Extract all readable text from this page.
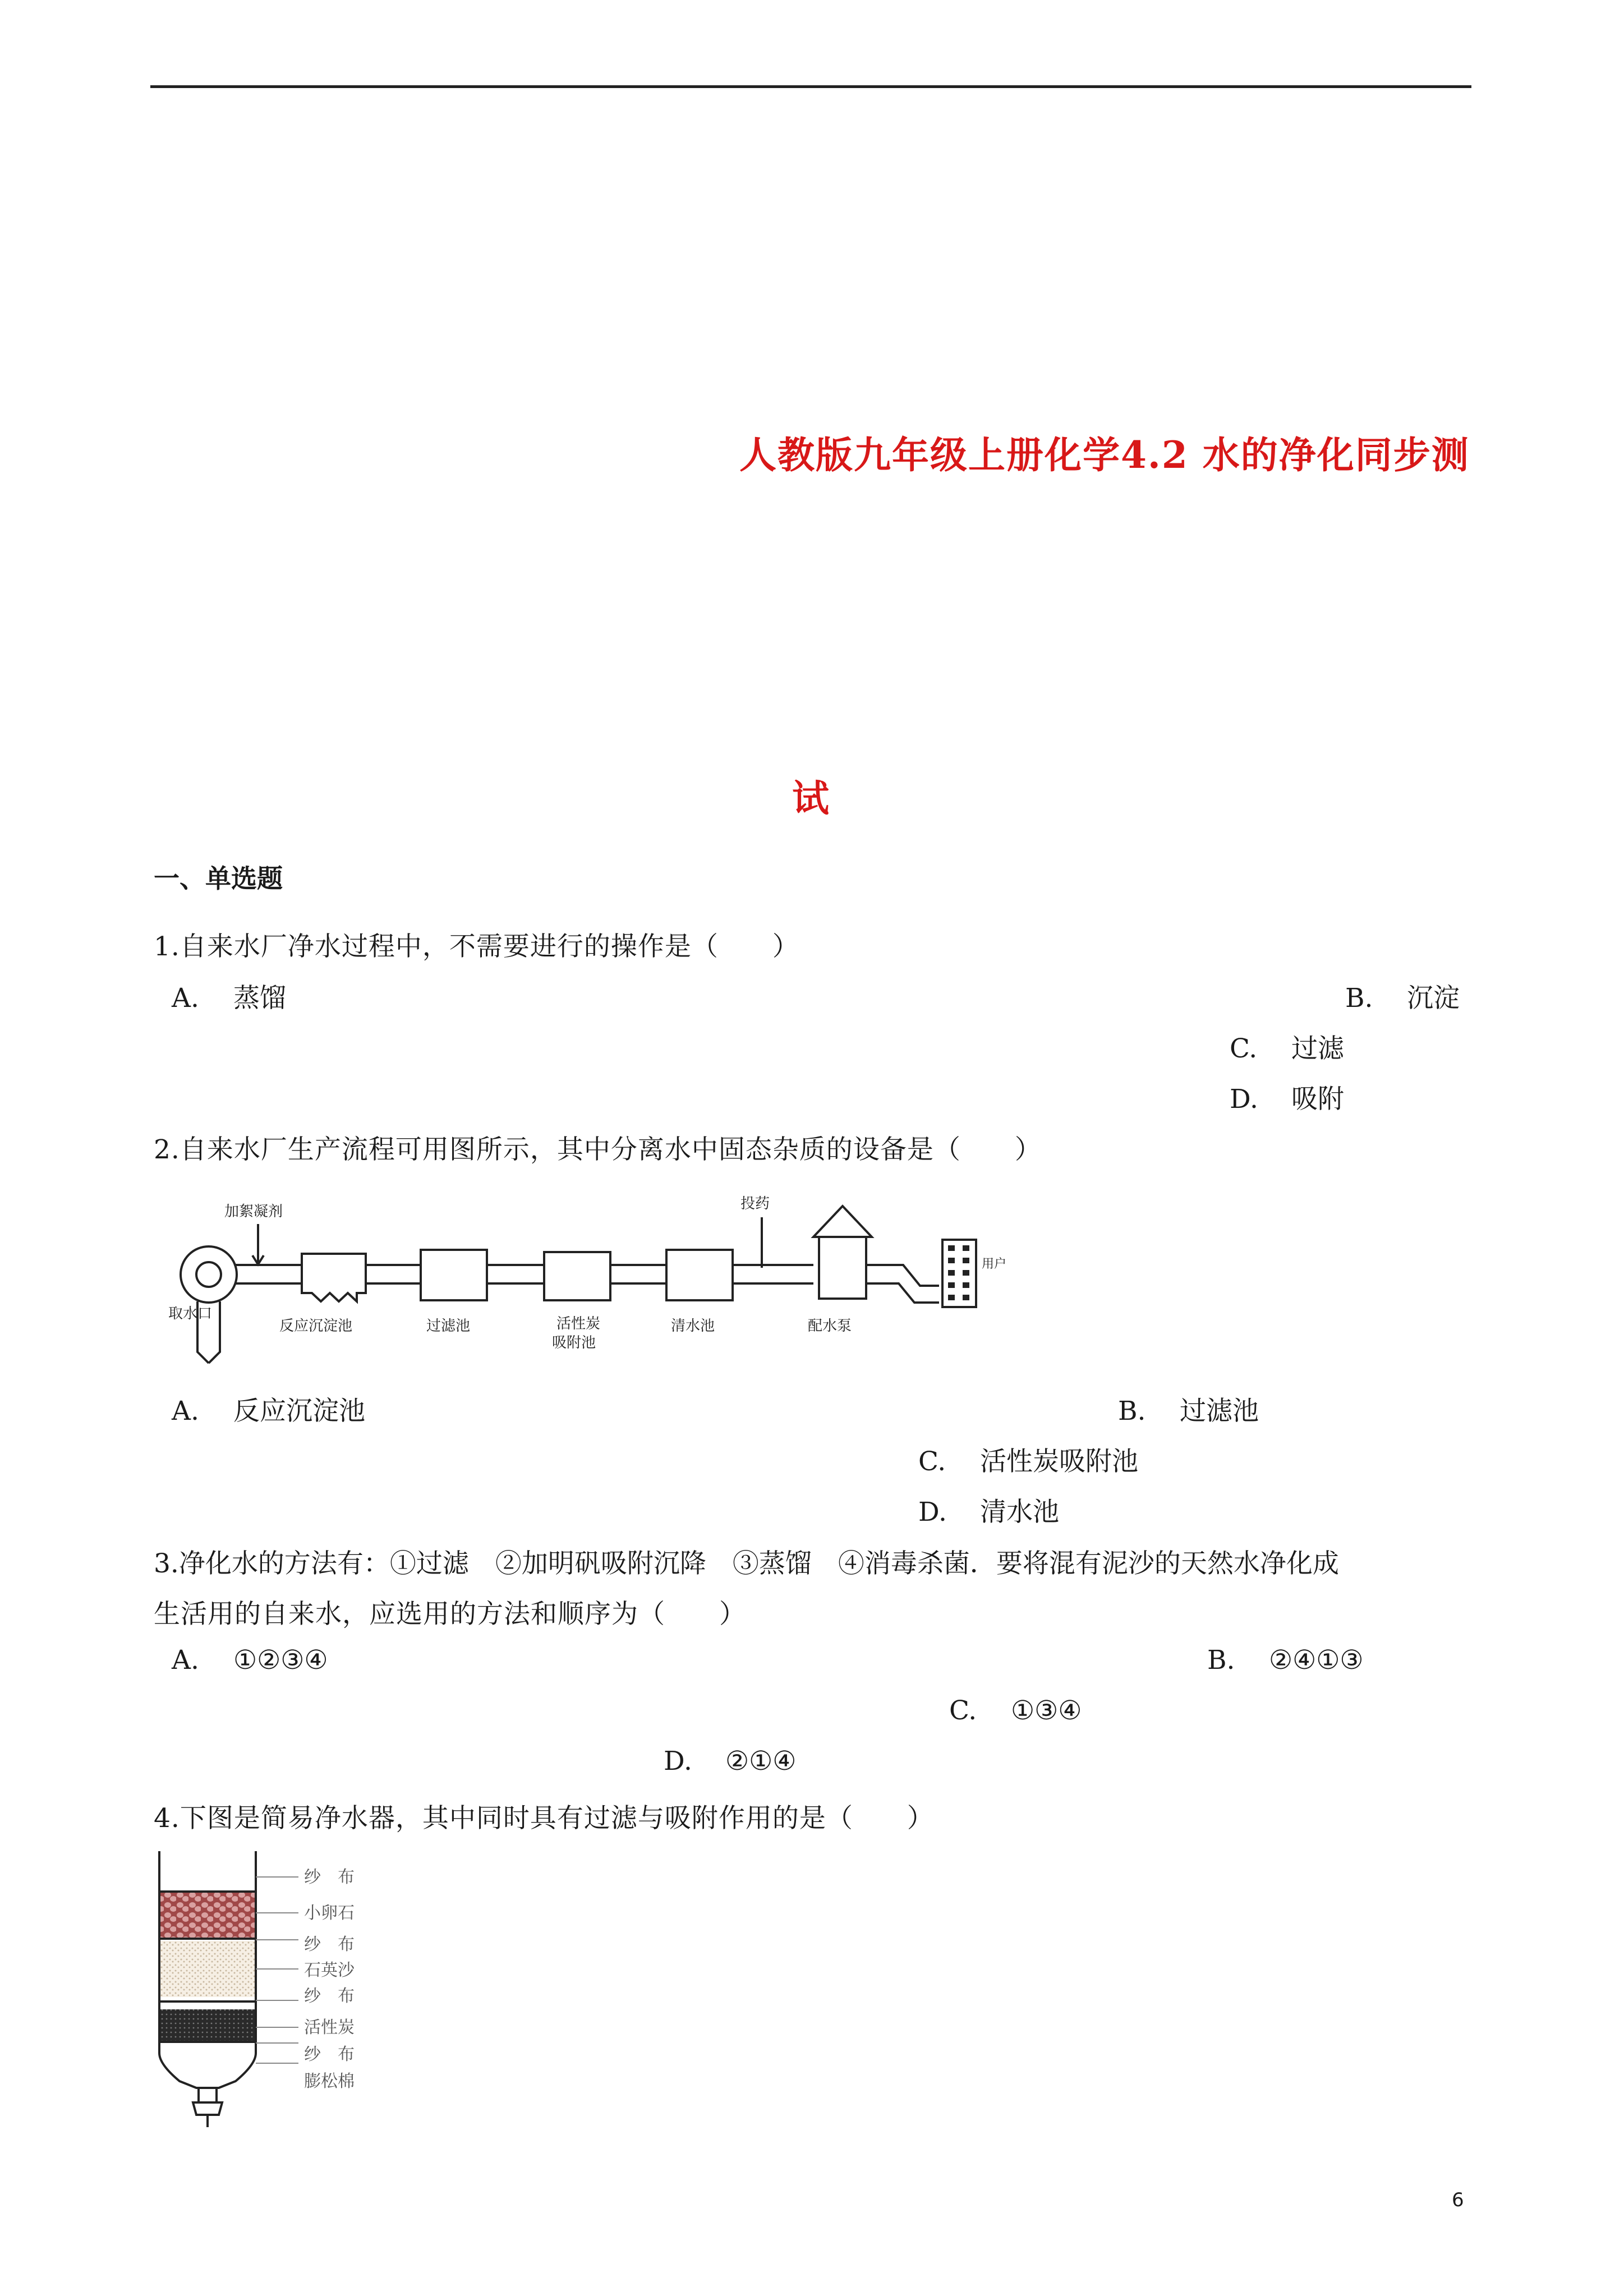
人教版九年级上册化学4.2 水的净化同步测
试
一、单选题
1.自来水厂净水过程中，不需要进行的操作是（　　）
A. 蒸馏	B. 沉淀
C. 过滤
D. 吸附
2.自来水厂生产流程可用图所示，其中分离水中固态杂质的设备是（　　）
加絮凝剂
取水口
反应沉淀池	过滤池	活性炭
吸附池
清水池
投药
配水泵
用户
A. 反应沉淀池	B. 过滤池
C. 活性炭吸附池
D. 清水池
3.净化水的方法有：①过滤　②加明矾吸附沉降　③蒸馏　④消毒杀菌．要将混有泥沙的天然水净化成
生活用的自来水，应选用的方法和顺序为（　　）
A. ①②③④	B. ②④①③
C. ①③④
D. ②①④
4.下图是简易净水器，其中同时具有过滤与吸附作用的是（　　）
纱　布
小卵石
纱　布
石英沙
纱　布
活性炭
纱　布
膨松棉
6
